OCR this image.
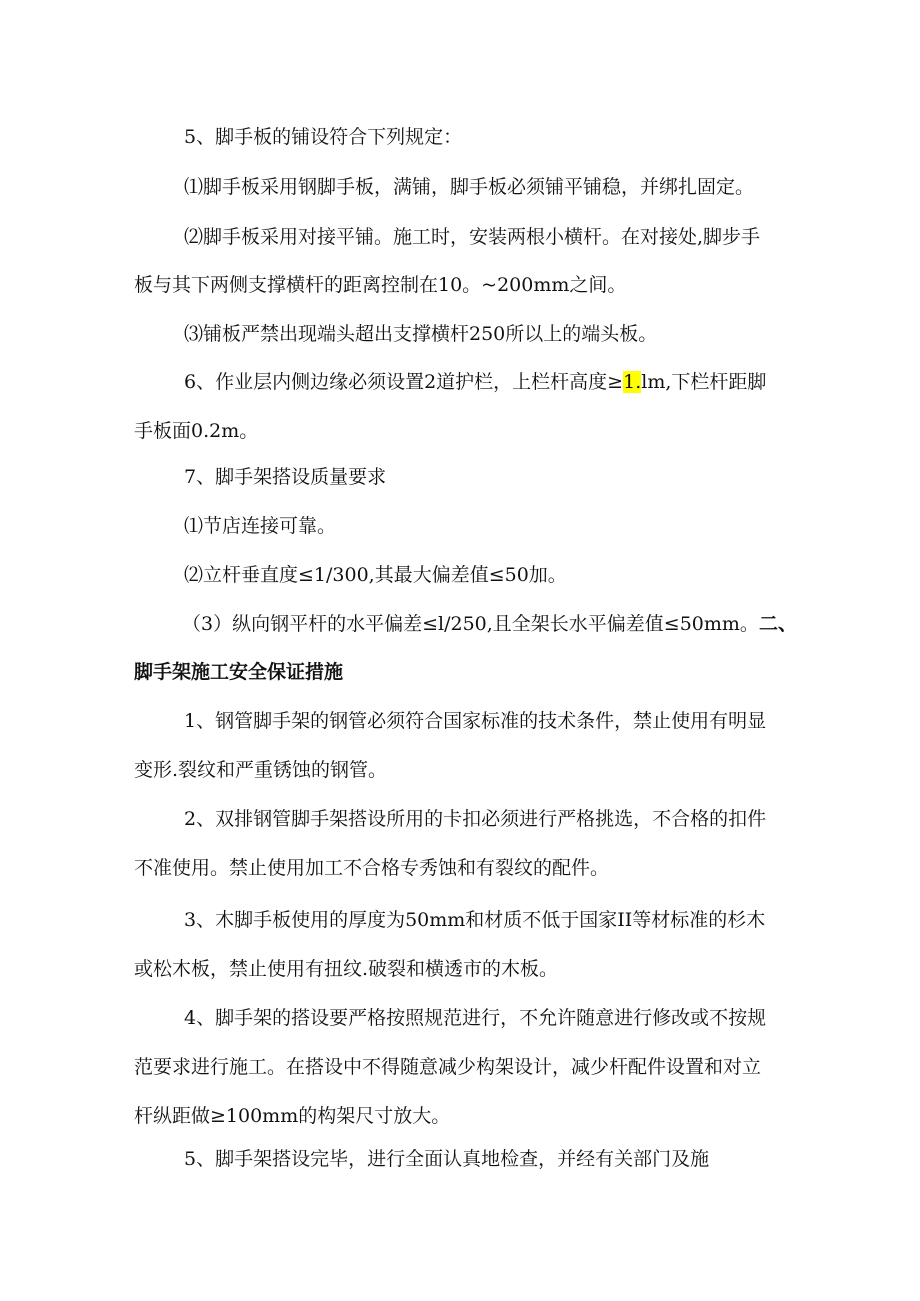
5、脚手板的铺设符合下列规定：
⑴脚手板采用钢脚手板，满铺，脚手板必须铺平铺稳，并绑扎固定。
⑵脚手板采用对接平铺。施工时，安装两根小横杆。在对接处,脚步手
板与其下两侧支撑横杆的距离控制在10。~200mm之间。
⑶铺板严禁出现端头超出支撑横杆250所以上的端头板。
6、作业层内侧边缘必须设置2道护栏，上栏杆高度≥1.lm,下栏杆距脚
手板面0.2m。
7、脚手架搭设质量要求
⑴节店连接可靠。
⑵立杆垂直度≤1/300,其最大偏差值≤50加。
（3）纵向钢平杆的水平偏差≤l/250,且全架长水平偏差值≤50mm。二、
脚手架施工安全保证措施
1、钢管脚手架的钢管必须符合国家标准的技术条件，禁止使用有明显
变形.裂纹和严重锈蚀的钢管。
2、双排钢管脚手架搭设所用的卡扣必须进行严格挑选，不合格的扣件
不准使用。禁止使用加工不合格专秀蚀和有裂纹的配件。
3、木脚手板使用的厚度为50mm和材质不低于国家II等材标准的杉木
或松木板，禁止使用有扭纹.破裂和横透市的木板。
4、脚手架的搭设要严格按照规范进行，不允许随意进行修改或不按规
范要求进行施工。在搭设中不得随意减少构架设计，减少杆配件设置和对立
杆纵距做≥100mm的构架尺寸放大。
5、脚手架搭设完毕，进行全面认真地检查，并经有关部门及施
